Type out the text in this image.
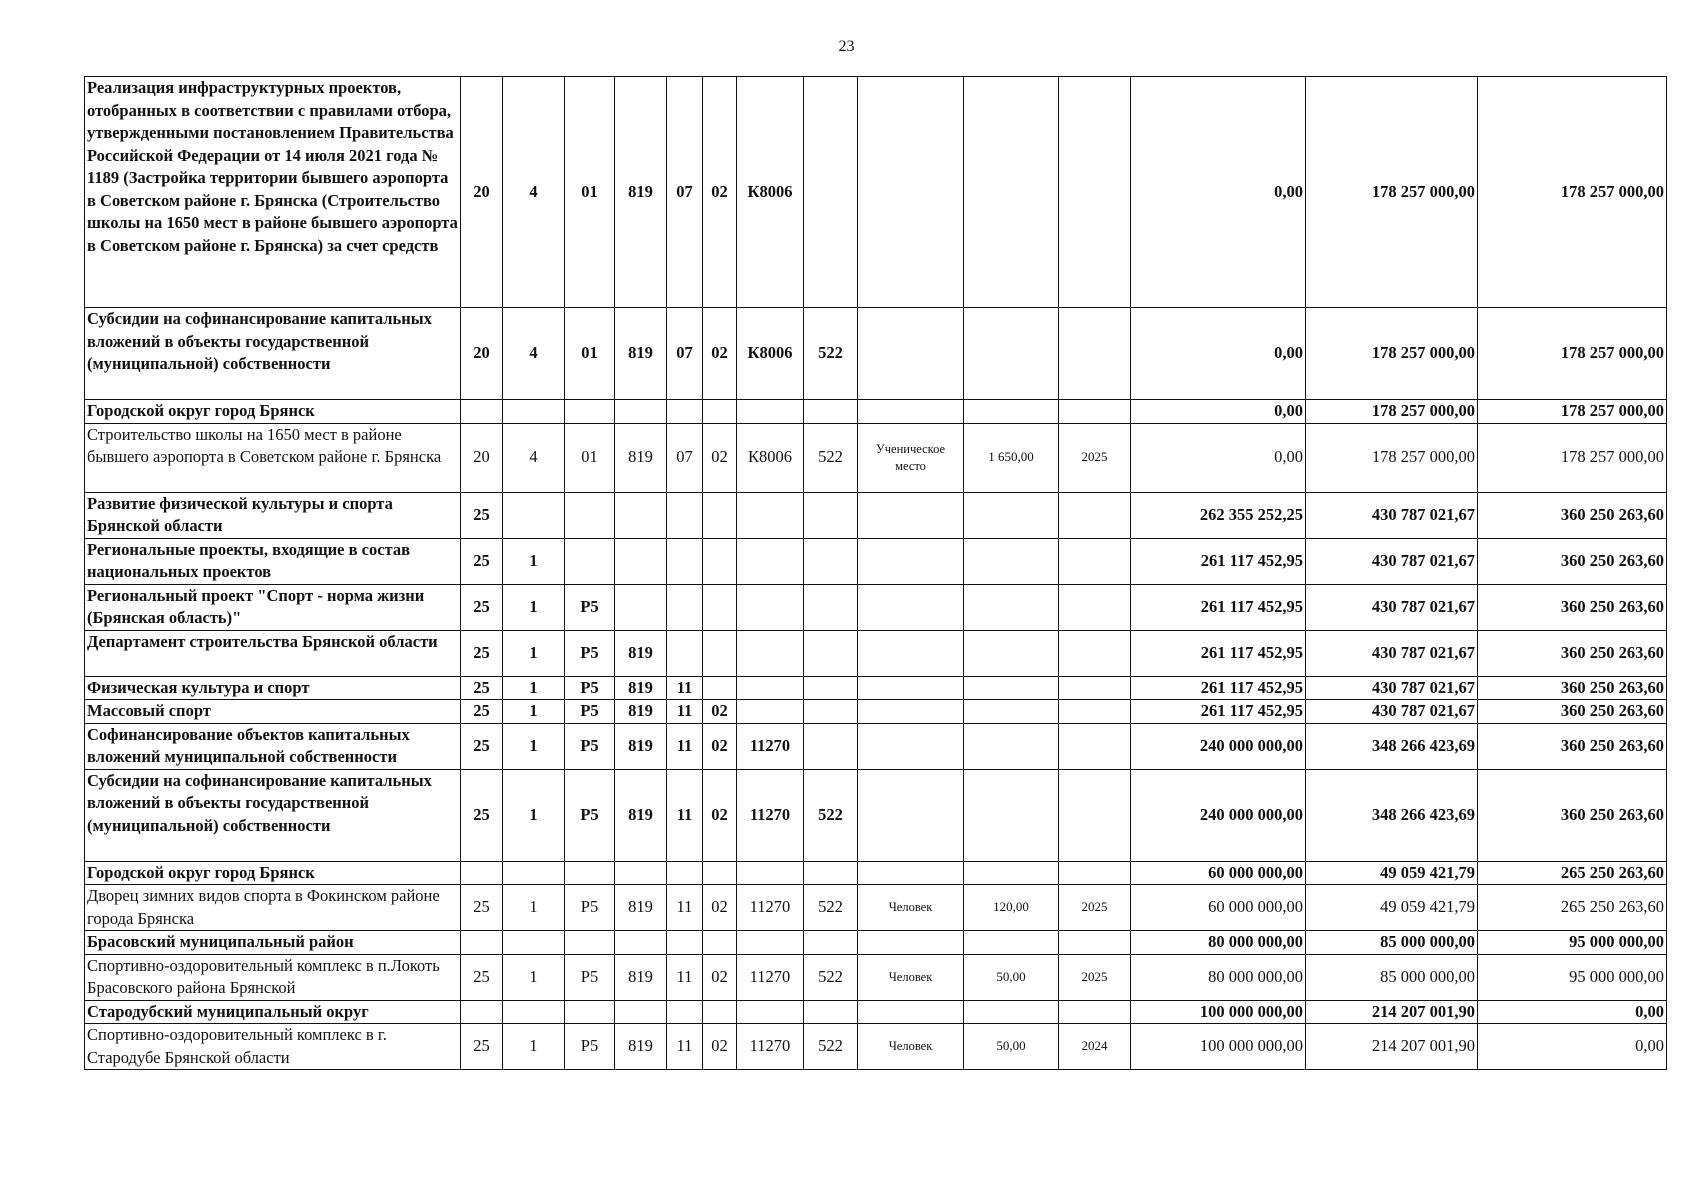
23
Реализация инфраструктурных проектов, отобранных в соответствии с правилами отбора, утвержденными постановлением Правительства Российской Федерации от 14 июля 2021 года № 1189 (Застройка территории бывшего аэропорта в Советском районе г. Брянска (Строительство школы на 1650 мест в районе бывшего аэропорта в Советском районе г. Брянска) за счет средств	20	4	01	819	07	02	К8006					0,00	178 257 000,00	178 257 000,00
Субсидии на софинансирование капитальных вложений в объекты государственной (муниципальной) собственности	20	4	01	819	07	02	К8006	522				0,00	178 257 000,00	178 257 000,00
Городской округ город Брянск												0,00	178 257 000,00	178 257 000,00
Строительство школы на 1650 мест в районе бывшего аэропорта в Советском районе г. Брянска	20	4	01	819	07	02	К8006	522	Ученическое место	1 650,00	2025	0,00	178 257 000,00	178 257 000,00
Развитие физической культуры и спорта Брянской области	25											262 355 252,25	430 787 021,67	360 250 263,60
Региональные проекты, входящие в состав национальных проектов	25	1										261 117 452,95	430 787 021,67	360 250 263,60
Региональный проект "Спорт - норма жизни (Брянская область)"	25	1	P5									261 117 452,95	430 787 021,67	360 250 263,60
Департамент строительства Брянской области	25	1	P5	819								261 117 452,95	430 787 021,67	360 250 263,60
Физическая культура и спорт	25	1	P5	819	11							261 117 452,95	430 787 021,67	360 250 263,60
Массовый спорт	25	1	P5	819	11	02						261 117 452,95	430 787 021,67	360 250 263,60
Софинансирование объектов капитальных вложений муниципальной собственности	25	1	P5	819	11	02	11270					240 000 000,00	348 266 423,69	360 250 263,60
Субсидии на софинансирование капитальных вложений в объекты государственной (муниципальной) собственности	25	1	P5	819	11	02	11270	522				240 000 000,00	348 266 423,69	360 250 263,60
Городской округ город Брянск												60 000 000,00	49 059 421,79	265 250 263,60
Дворец зимних видов спорта в Фокинском районе города Брянска	25	1	P5	819	11	02	11270	522	Человек	120,00	2025	60 000 000,00	49 059 421,79	265 250 263,60
Брасовский муниципальный район												80 000 000,00	85 000 000,00	95 000 000,00
Спортивно-оздоровительный комплекс в п.Локоть Брасовского района Брянской	25	1	P5	819	11	02	11270	522	Человек	50,00	2025	80 000 000,00	85 000 000,00	95 000 000,00
Стародубский муниципальный округ												100 000 000,00	214 207 001,90	0,00
Спортивно-оздоровительный комплекс в г. Стародубе Брянской области	25	1	P5	819	11	02	11270	522	Человек	50,00	2024	100 000 000,00	214 207 001,90	0,00
